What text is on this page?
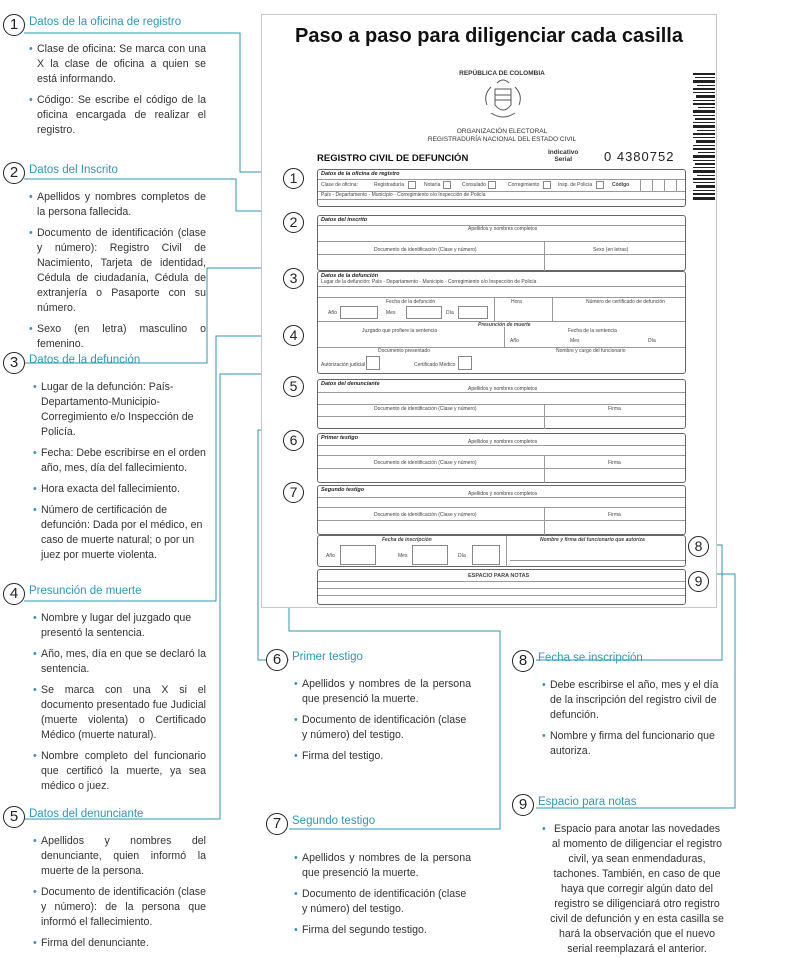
Paso a paso para diligenciar cada casilla
REPÚBLICA DE COLOMBIA
ORGANIZACIÓN ELECTORAL
REGISTRADURÍA NACIONAL DEL ESTADO CIVIL
REGISTRO CIVIL DE DEFUNCIÓN
Indicativo
Serial	0 4380752
Datos de la oficina de registro
Clase de oficina:	Registraduría	Notaría	Consulado	Corregimiento	Insp. de Policía	Código
País - Departamento - Municipio - Corregimiento o/o Inspección de Policía
Datos del inscrito
Apellidos y nombres completos
Documento de identificación (Clase y número)	Sexo (en letras)
Datos de la defunción
Lugar de la defunción: País - Departamento - Municipio - Corregimiento o/o Inspección de Policía
Fecha de la defunción	Hora	Número de certificado de defunción
Año	Mes	Día
Presunción de muerte
Juzgado que profiere la sentencia	Fecha de la sentencia
Año	Mes	Día
Documento presentado	Nombre y cargo del funcionario
Autorización judicial	Certificado Médico
Datos del denunciante
Apellidos y nombres completos
Documento de identificación (Clase y número)	Firma
Primer testigo
Apellidos y nombres completos
Documento de identificación (Clase y número)	Firma
Segundo testigo
Apellidos y nombres completos
Documento de identificación (Clase y número)	Firma
Fecha de inscripción	Nombre y firma del funcionario que autoriza
Año	Mes	Día
ESPACIO PARA NOTAS
1
2
3
4
5
6
7
8
9
1 Datos de la oficina de registro
• Clase de oficina: Se marca con una X la clase de oficina a quien se está informando.
• Código: Se escribe el código de la oficina encargada de realizar el registro.
2 Datos del Inscrito
• Apellidos y nombres completos de la persona fallecida.
• Documento de identificación (clase y número): Registro Civil de Nacimiento, Tarjeta de identidad, Cédula de ciudadanía, Cédula de extranjería o Pasaporte con su número.
• Sexo (en letra) masculino o femenino.
3 Datos de la defunción
• Lugar de la defunción: País-Departamento-Municipio-Corregimiento e/o Inspección de Policía.
• Fecha: Debe escribirse en el orden año, mes, día del fallecimiento.
• Hora exacta del fallecimiento.
• Número de certificación de defunción: Dada por el médico, en caso de muerte natural; o por un juez por muerte violenta.
4 Presunción de muerte
• Nombre y lugar del juzgado que presentó la sentencia.
• Año, mes, día en que se declaró la sentencia.
• Se marca con una X si el documento presentado fue Judicial (muerte violenta) o Certificado Médico (muerte natural).
• Nombre completo del funcionario que certificó la muerte, ya sea médico o juez.
5 Datos del denunciante
• Apellidos y nombres del denunciante, quien informó la muerte de la persona.
• Documento de identificación (clase y número): de la persona que informó el fallecimiento.
• Firma del denunciante.
6 Primer testigo
• Apellidos y nombres de la persona que presenció la muerte.
• Documento de identificación (clase y número) del testigo.
• Firma del testigo.
7 Segundo testigo
• Apellidos y nombres de la persona que presenció la muerte.
• Documento de identificación (clase y número) del testigo.
• Firma del segundo testigo.
8 Fecha se inscripción
• Debe escribirse el año, mes y el día de la inscripción del registro civil de defunción.
• Nombre y firma del funcionario que autoriza.
9 Espacio para notas
• Espacio para anotar las novedades al momento de diligenciar el registro civil, ya sean enmendaduras, tachones. También, en caso de que haya que corregir algún dato del registro se diligenciará otro registro civil de defunción y en esta casilla se hará la observación que el nuevo serial reemplazará el anterior.
